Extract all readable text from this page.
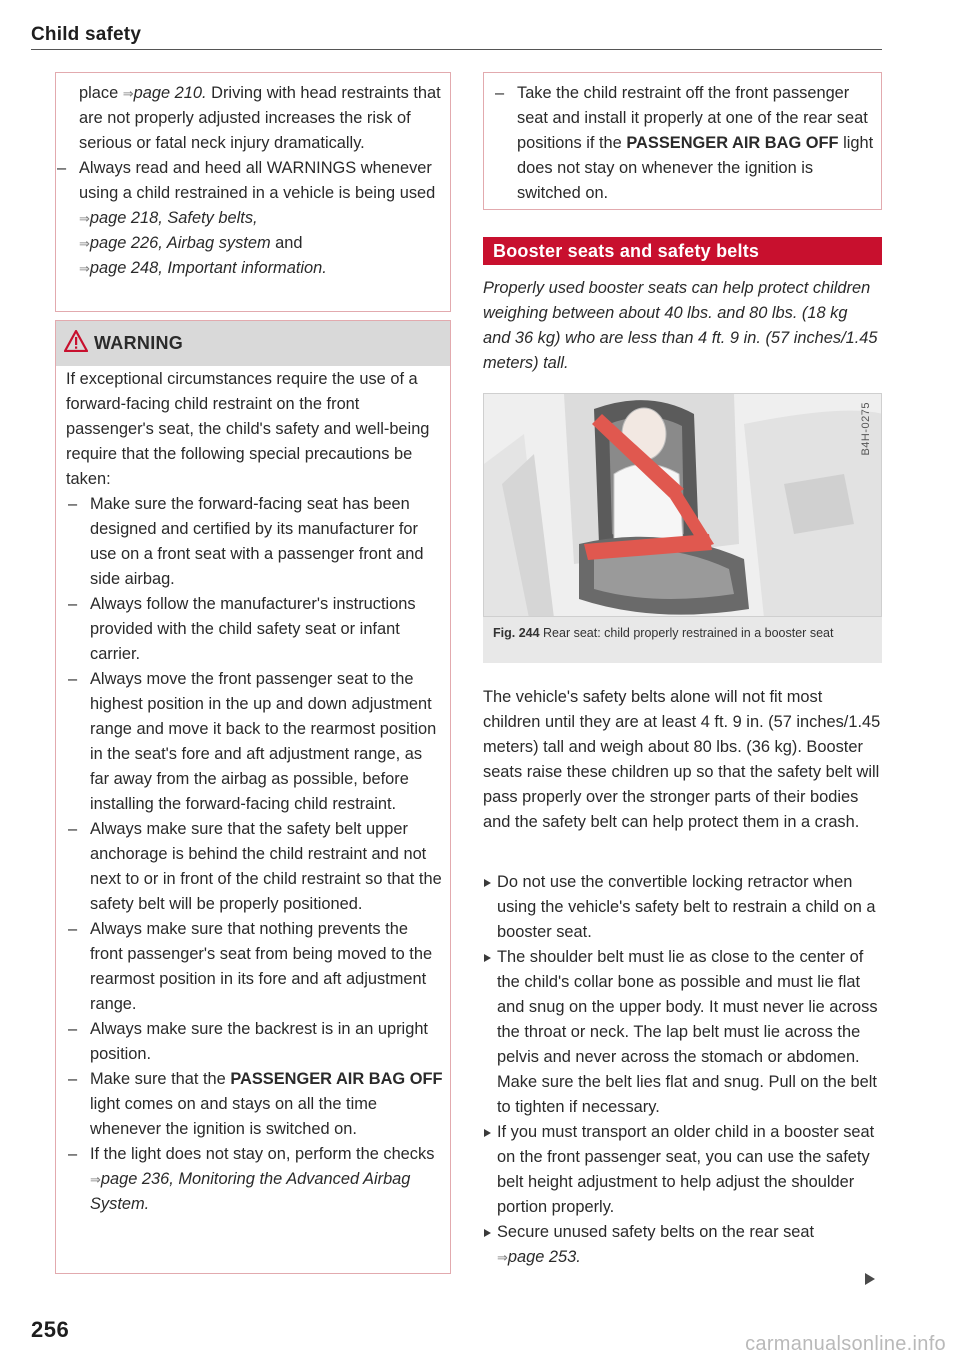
Child safety

place ⇒page 210. Driving with head restraints that are not properly adjusted increases the risk of serious or fatal neck injury dramatically.

– Always read and heed all WARNINGS whenever using a child restrained in a vehicle is being used ⇒page 218, Safety belts,
⇒page 226, Airbag system and
⇒page 248, Important information.

WARNING

If exceptional circumstances require the use of a forward-facing child restraint on the front passenger's seat, the child's safety and well-being require that the following special precautions be taken:

– Make sure the forward-facing seat has been designed and certified by its manufacturer for use on a front seat with a passenger front and side airbag.

– Always follow the manufacturer's instructions provided with the child safety seat or infant carrier.

– Always move the front passenger seat to the highest position in the up and down adjustment range and move it back to the rearmost position in the seat's fore and aft adjustment range, as far away from the airbag as possible, before installing the forward-facing child restraint.

– Always make sure that the safety belt upper anchorage is behind the child restraint and not next to or in front of the child restraint so that the safety belt will be properly positioned.

– Always make sure that nothing prevents the front passenger's seat from being moved to the rearmost position in its fore and aft adjustment range.

– Always make sure the backrest is in an upright position.

– Make sure that the PASSENGER AIR BAG OFF light comes on and stays on all the time whenever the ignition is switched on.

– If the light does not stay on, perform the checks ⇒page 236, Monitoring the Advanced Airbag System.

– Take the child restraint off the front passenger seat and install it properly at one of the rear seat positions if the PASSENGER AIR BAG OFF light does not stay on whenever the ignition is switched on.

Booster seats and safety belts

Properly used booster seats can help protect children weighing between about 40 lbs. and 80 lbs. (18 kg and 36 kg) who are less than 4 ft. 9 in. (57 inches/1.45 meters) tall.

B4H-0275
Fig. 244 Rear seat: child properly restrained in a booster seat

The vehicle's safety belts alone will not fit most children until they are at least 4 ft. 9 in. (57 inches/1.45 meters) tall and weigh about 80 lbs. (36 kg). Booster seats raise these children up so that the safety belt will pass properly over the stronger parts of their bodies and the safety belt can help protect them in a crash.

Do not use the convertible locking retractor when using the vehicle's safety belt to restrain a child on a booster seat.

The shoulder belt must lie as close to the center of the child's collar bone as possible and must lie flat and snug on the upper body. It must never lie across the throat or neck. The lap belt must lie across the pelvis and never across the stomach or abdomen. Make sure the belt lies flat and snug. Pull on the belt to tighten if necessary.

If you must transport an older child in a booster seat on the front passenger seat, you can use the safety belt height adjustment to help adjust the shoulder portion properly.

Secure unused safety belts on the rear seat
⇒page 253.

256
carmanualsonline.info
